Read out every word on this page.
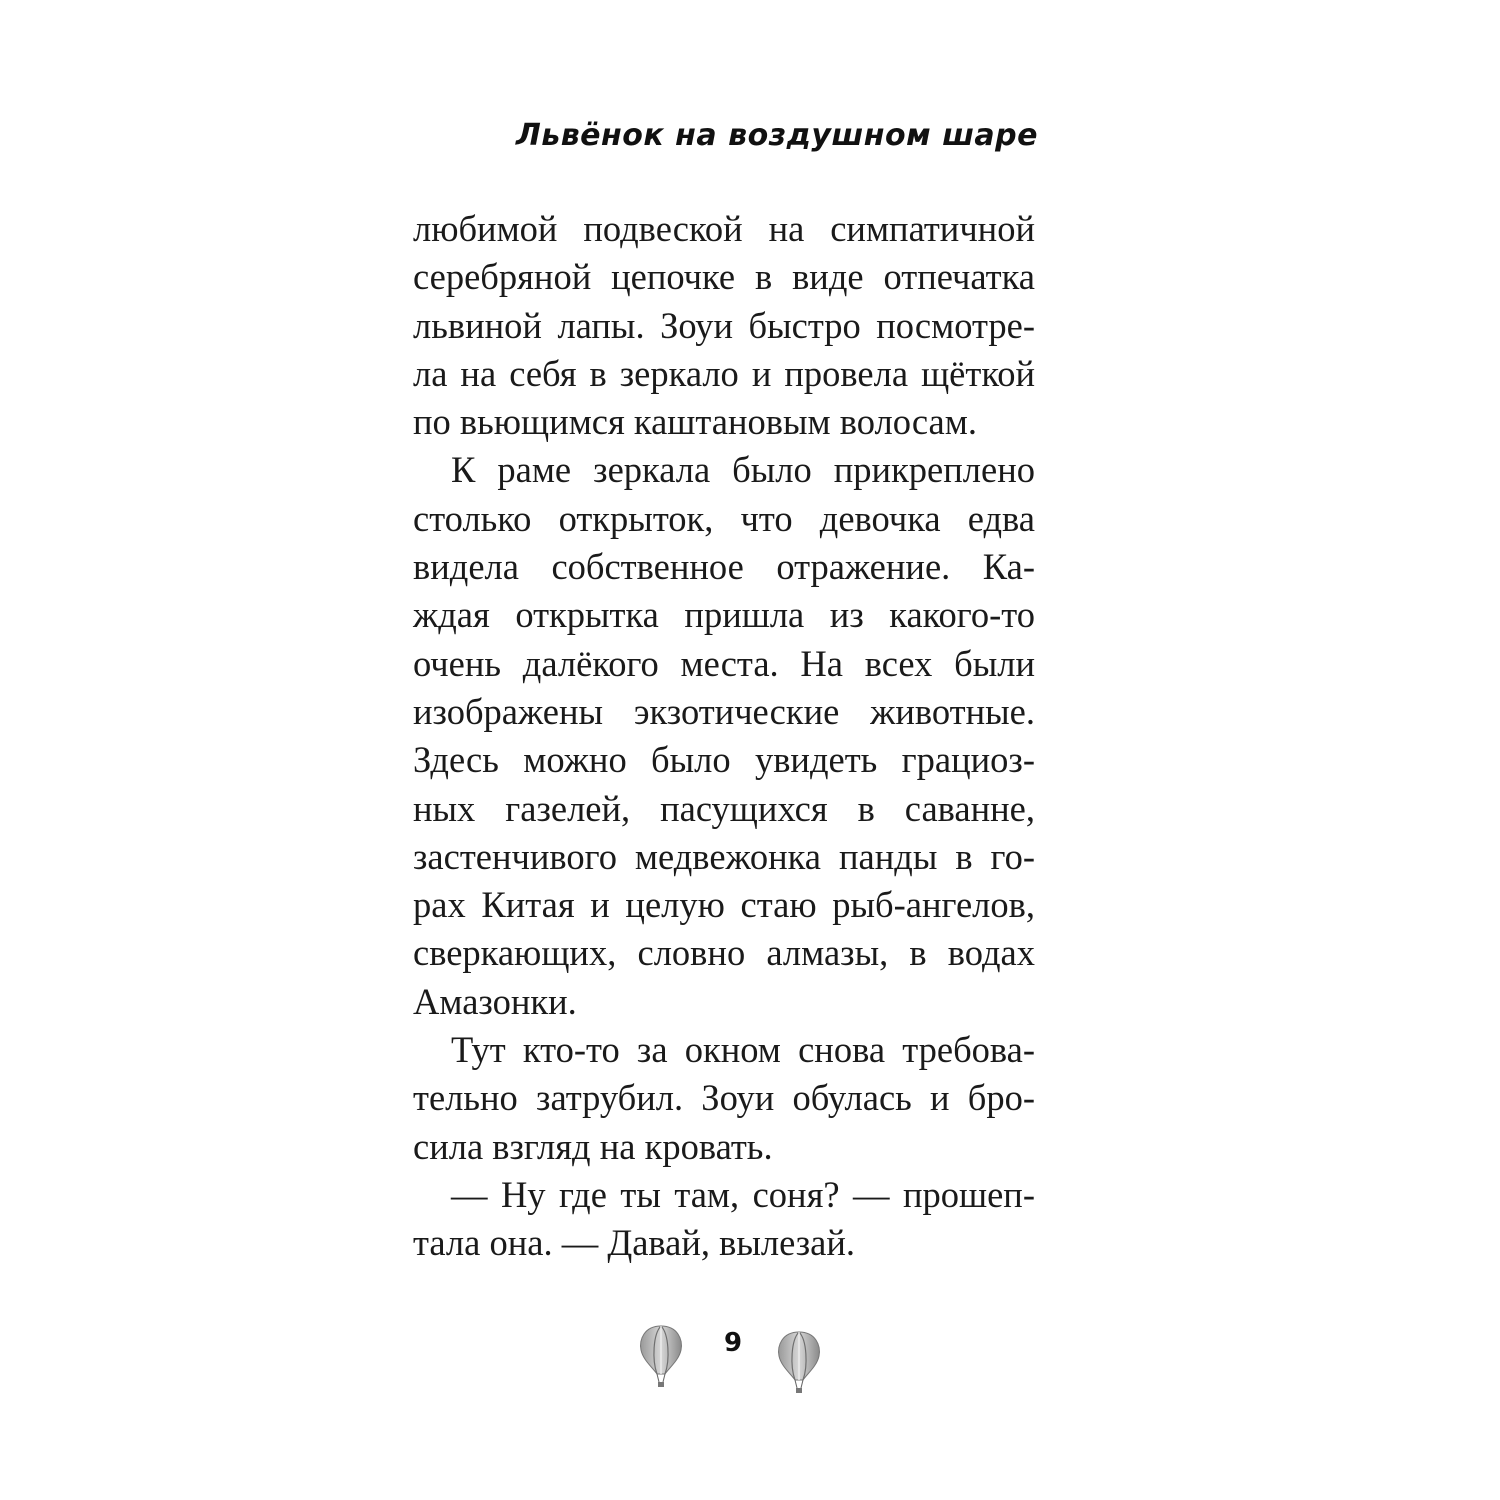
Львёнок на воздушном шаре
любимой подвеской на симпатичной
серебряной цепочке в виде отпечатка
львиной лапы. Зоуи быстро посмотре-
ла на себя в зеркало и провела щёткой
по вьющимся каштановым волосам.
К раме зеркала было прикреплено
столько открыток, что девочка едва
видела собственное отражение. Ка-
ждая открытка пришла из какого-то
очень далёкого места. На всех были
изображены экзотические животные.
Здесь можно было увидеть грациоз-
ных газелей, пасущихся в саванне,
застенчивого медвежонка панды в го-
рах Китая и целую стаю рыб-ангелов,
сверкающих, словно алмазы, в водах
Амазонки.
Тут кто-то за окном снова требова-
тельно затрубил. Зоуи обулась и бро-
сила взгляд на кровать.
— Ну где ты там, соня? — прошеп-
тала она. — Давай, вылезай.
9
